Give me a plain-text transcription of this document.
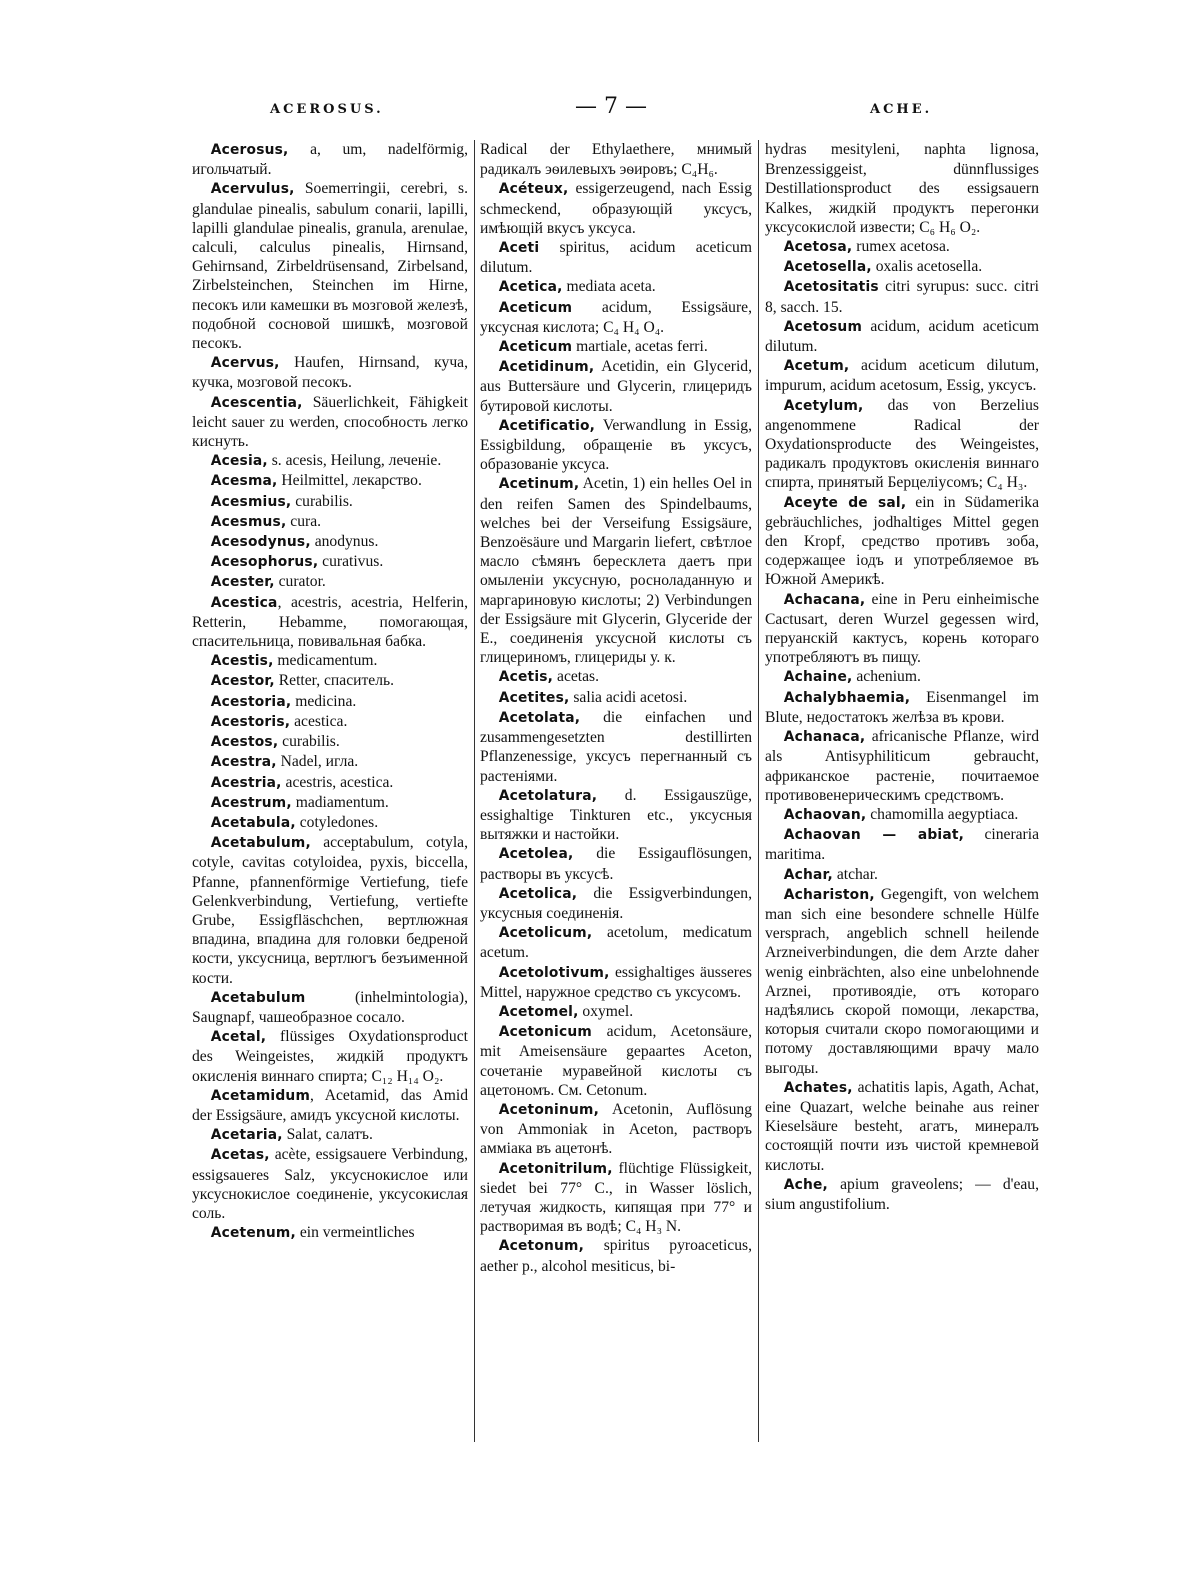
ACEROSUS.	— 7 —	ACHE.

Acerosus, a, um, nadelförmig, игольчатый.

Acervulus, Soemerringii, cerebri, s. glandulae pinealis, sabulum conarii, lapilli, lapilli glandulae pinealis, granula, arenulae, calculi, calculus pinealis, Hirnsand, Gehirnsand, Zirbeldrüsensand, Zirbelsand, Zirbelsteinchen, Steinchen im Hirne, песокъ или камешки въ мозговой железѣ, подобной сосновой шишкѣ, мозговой песокъ.

Acervus, Haufen, Hirnsand, куча, кучка, мозговой песокъ.

Acescentia, Säuerlichkeit, Fähigkeit leicht sauer zu werden, способность легко киснуть.

Acesia, s. acesis, Heilung, леченіе.

Acesma, Heilmittel, лекарство.

Acesmius, curabilis.

Acesmus, cura.

Acesodynus, anodynus.

Acesophorus, curativus.

Acester, curator.

Acestica, acestris, acestria, Helferin, Retterin, Hebamme, помогающая, спасительница, повивальная бабка.

Acestis, medicamentum.

Acestor, Retter, спаситель.

Acestoria, medicina.

Acestoris, acestica.

Acestos, curabilis.

Acestra, Nadel, игла.

Acestria, acestris, acestica.

Acestrum, madiamentum.

Acetabula, cotyledones.

Acetabulum, acceptabulum, cotyla, cotyle, cavitas cotyloidea, pyxis, biccella, Pfanne, pfannenförmige Vertiefung, tiefe Gelenkverbindung, Vertiefung, vertiefte Grube, Essigfläschchen, вертлюжная впадина, впадина для головки бедреной кости, уксусница, вертлюгъ безъименной кости.

Acetabulum (inhelmintologia), Saugnapf, чашеобразное сосало.

Acetal, flüssiges Oxydationsproduct des Weingeistes, жидкій продуктъ окисленія виннаго спирта; C₁₂ H₁₄ O₂.

Acetamidum, Acetamid, das Amid der Essigsäure, амидъ уксусной кислоты.

Acetaria, Salat, салатъ.

Acetas, acète, essigsauere Verbindung, essigsaueres Salz, уксуснокислое или уксуснокислое соединеніе, уксусокислая соль.

Acetenum, ein vermeintliches

Radical der Ethylaethere, мнимый радикалъ эѳилевыхъ эѳировъ; C₄H₆.

Acéteux, essigerzeugend, nach Essig schmeckend, образующій уксусъ, имѣющій вкусъ уксуса.

Aceti spiritus, acidum aceticum dilutum.

Acetica, mediata aceta.

Aceticum acidum, Essigsäure, уксусная кислота; C₄ H₄ O₄.

Aceticum martiale, acetas ferri.

Acetidinum, Acetidin, ein Glycerid, aus Buttersäure und Glycerin, глицеридъ бутировой кислоты.

Acetificatio, Verwandlung in Essig, Essigbildung, обращеніе въ уксусъ, образованіе уксуса.

Acetinum, Acetin, 1) ein helles Oel in den reifen Samen des Spindelbaums, welches bei der Verseifung Essigsäure, Benzoësäure und Margarin liefert, свѣтлое масло сѣмянъ бересклета даетъ при омыленіи уксусную, росноладанную и маргариновую кислоты; 2) Verbindungen der Essigsäure mit Glycerin, Glyceride der E., соединенія уксусной кислоты съ глицериномъ, глицериды у. к.

Acetis, acetas.

Acetites, salia acidi acetosi.

Acetolata, die einfachen und zusammengesetzten destillirten Pflanzenessige, уксусъ перегнанный съ растеніями.

Acetolatura, d. Essigauszüge, essighaltige Tinkturen etc., уксусныя вытяжки и настойки.

Acetolea, die Essigauflösungen, растворы въ уксусѣ.

Acetolica, die Essigverbindungen, уксусныя соединенія.

Acetolicum, acetolum, medicatum acetum.

Acetolotivum, essighaltiges äusseres Mittel, наружное средство съ уксусомъ.

Acetomel, oxymel.

Acetonicum acidum, Acetonsäure, mit Ameisensäure gepaartes Aceton, сочетаніе муравейной кислоты съ ацетономъ. См. Cetonum.

Acetoninum, Acetonin, Auflösung von Ammoniak in Aceton, растворъ аммiака въ ацетонѣ.

Acetonitrilum, flüchtige Flüssigkeit, siedet bei 77° C., in Wasser löslich, летучая жидкость, кипящая при 77° и растворимая въ водѣ; C₄ H₃ N.

Acetonum, spiritus pyroaceticus, aether p., alcohol mesiticus, bi-

hydras mesityleni, naphta lignosa, Brenzessiggeist, dünnflussiges Destillationsproduct des essigsauern Kalkes, жидкій продуктъ перегонки уксусокислой извести; C₆ H₆ O₂.

Acetosa, rumex acetosa.

Acetosella, oxalis acetosella.

Acetositatis citri syrupus: succ. citri 8, sacch. 15.

Acetosum acidum, acidum aceticum dilutum.

Acetum, acidum aceticum dilutum, impurum, acidum acetosum, Essig, уксусъ.

Acetylum, das von Berzelius angenommene Radical der Oxydationsproducte des Weingeistes, радикалъ продуктовъ окисленія виннаго спирта, принятый Берцеліусомъ; C₄ H₃.

Aceyte de sal, ein in Südamerika gebräuchliches, jodhaltiges Mittel gegen den Kropf, средство противъ зоба, содержащее іодъ и употребляемое въ Южной Америкѣ.

Achacana, eine in Peru einheimische Cactusart, deren Wurzel gegessen wird, перуанскій кактусъ, корень котораго употребляютъ въ пищу.

Achaine, achenium.

Achalybhaemia, Eisenmangel im Blute, недостатокъ желѣза въ крови.

Achanaca, africanische Pflanze, wird als Antisyphiliticum gebraucht, африканское растеніе, почитаемое противовенерическимъ средствомъ.

Achaovan, chamomilla aegyptiaca.

Achaovan — abiat, cineraria maritima.

Achar, atchar.

Achariston, Gegengift, von welchem man sich eine besondere schnelle Hülfe versprach, angeblich schnell heilende Arzneiverbindungen, die dem Arzte daher wenig einbrächten, also eine unbelohnende Arznei, противоядіе, отъ котораго надѣялись скорой помощи, лекарства, которыя считали скоро помогающими и потому доставляющими врачу мало выгоды.

Achates, achatitis lapis, Agath, Achat, eine Quazart, welche beinahe aus reiner Kieselsäure besteht, агатъ, минералъ состоящій почти изъ чистой кремневой кислоты.

Ache, apium graveolens; — d'eau, sium angustifolium.
